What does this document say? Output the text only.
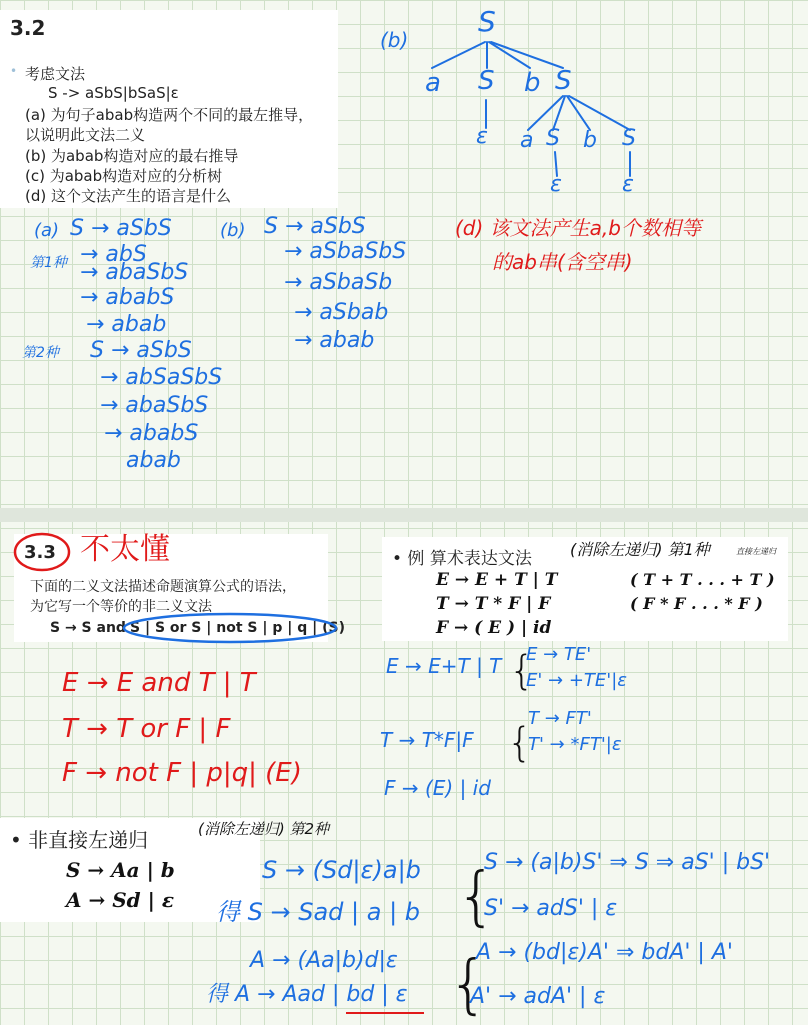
3.2
• 考虑文法
S -> aSbS|bSaS|ε
(a) 为句子abab构造两个不同的最左推导，
以说明此文法二义
(b) 为abab构造对应的最右推导
(c) 为abab构造对应的分析树
(d) 这个文法产生的语言是什么
(b)
S
a S b S
ε a S b S
ε	ε
(a) S → aSbS
第1种 → abS
→ abaSbS
→ ababS
→ abab
第2种 S → aSbS
→ abSaSbS
→ abaSbS
→ ababS
abab
(b) S → aSbS
→ aSbaSbS
→ aSbaSb
→ aSbab
→ abab
(d) 该文法产生a,b个数相等
的ab串(含空串)
3.3 不太懂
下面的二义文法描述命题演算公式的语法，
为它写一个等价的非二义文法
S → S and S | S or S | not S | p | q | (S)
E → E and T | T
T → T or F | F
F → not F | p|q| (E)
• 例 算术表达文法 (消除左递归) 第1种	直接左递归
E → E + T | T	( T + T . . . + T )
T → T * F | F	( F * F . . . * F )
F → ( E ) | id
E → E+T | T {
E → TE'
E' → +TE'|ε
T → T*F|F {
T → FT'
T' → *FT'|ε
F → (E) | id
• 非直接左递归	(消除左递归) 第2种
S → Aa | b
A → Sd | ε
S → (Sd|ε)a|b
得 S → Sad | a | b {
S → (a|b)S' ⇒ S ⇒ aS' | bS'
S' → adS' | ε
A → (Aa|b)d|ε
得 A → Aad | bd | ε {
A → (bd|ε)A' ⇒ bdA' | A'
A' → adA' | ε
